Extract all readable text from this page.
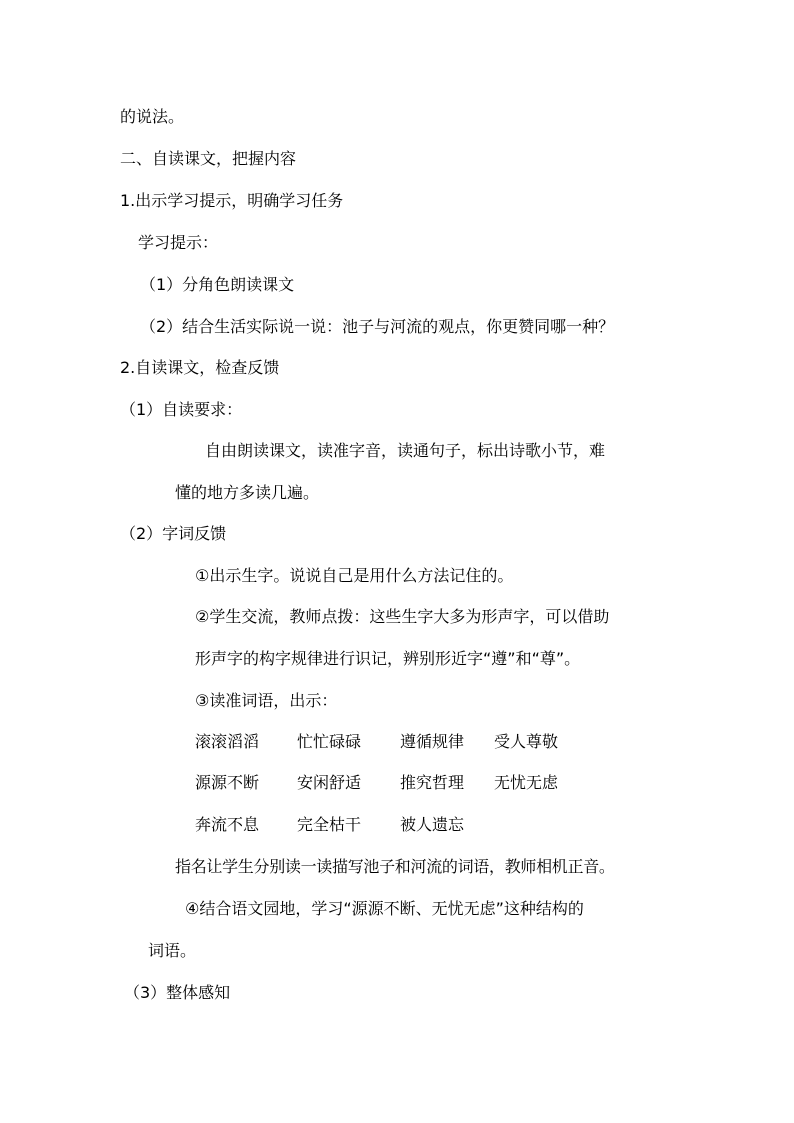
的说法。

二、自读课文，把握内容

1.出示学习提示，明确学习任务

学习提示：

（1）分角色朗读课文

（2）结合生活实际说一说：池子与河流的观点，你更赞同哪一种？

2.自读课文，检查反馈

（1）自读要求：

自由朗读课文，读准字音，读通句子，标出诗歌小节，难

懂的地方多读几遍。

（2）字词反馈

①出示生字。说说自己是用什么方法记住的。

②学生交流，教师点拨：这些生字大多为形声字，可以借助

形声字的构字规律进行识记，辨别形近字“遵”和“尊”。

③读准词语，出示：

滚滚滔滔 忙忙碌碌 遵循规律 受人尊敬
源源不断 安闲舒适 推究哲理 无忧无虑
奔流不息 完全枯干 被人遗忘

指名让学生分别读一读描写池子和河流的词语，教师相机正音。

④结合语文园地，学习“源源不断、无忧无虑”这种结构的

词语。

（3）整体感知
